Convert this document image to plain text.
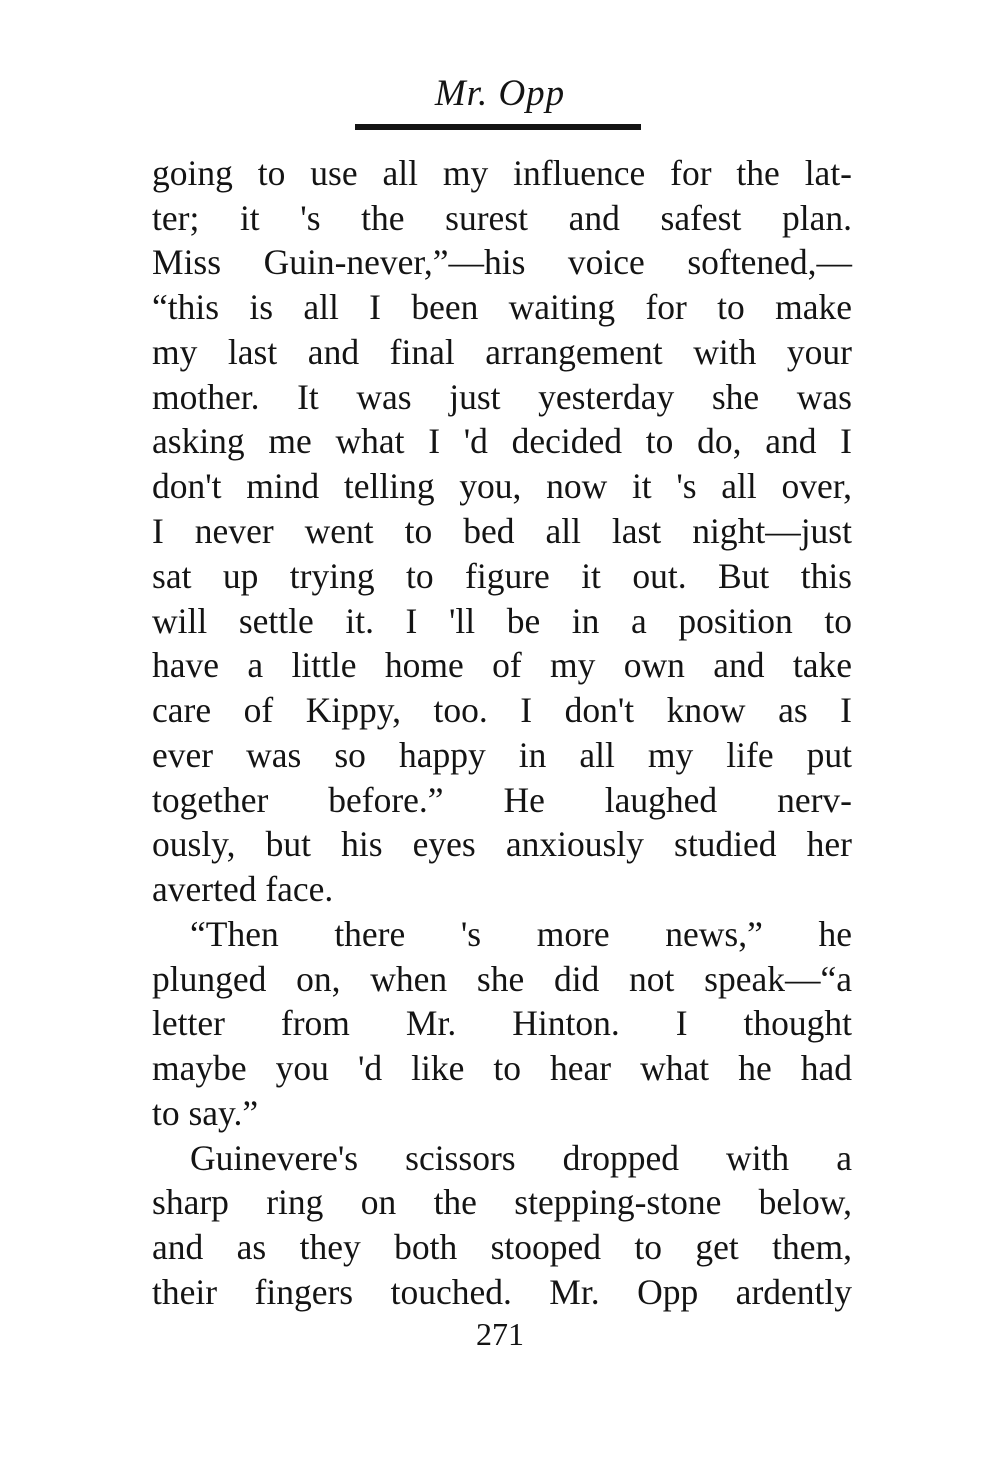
Mr. Opp
going to use all my influence for the lat-
ter; it 's the surest and safest plan.
Miss Guin-never,”—his voice softened,—
“this is all I been waiting for to make
my last and final arrangement with your
mother. It was just yesterday she was
asking me what I 'd decided to do, and I
don't mind telling you, now it 's all over,
I never went to bed all last night—just
sat up trying to figure it out. But this
will settle it. I 'll be in a position to
have a little home of my own and take
care of Kippy, too. I don't know as I
ever was so happy in all my life put
together before.” He laughed nerv-
ously, but his eyes anxiously studied her
averted face.
“Then there 's more news,” he
plunged on, when she did not speak—“a
letter from Mr. Hinton. I thought
maybe you 'd like to hear what he had
to say.”
Guinevere's scissors dropped with a
sharp ring on the stepping-stone below,
and as they both stooped to get them,
their fingers touched. Mr. Opp ardently
271
